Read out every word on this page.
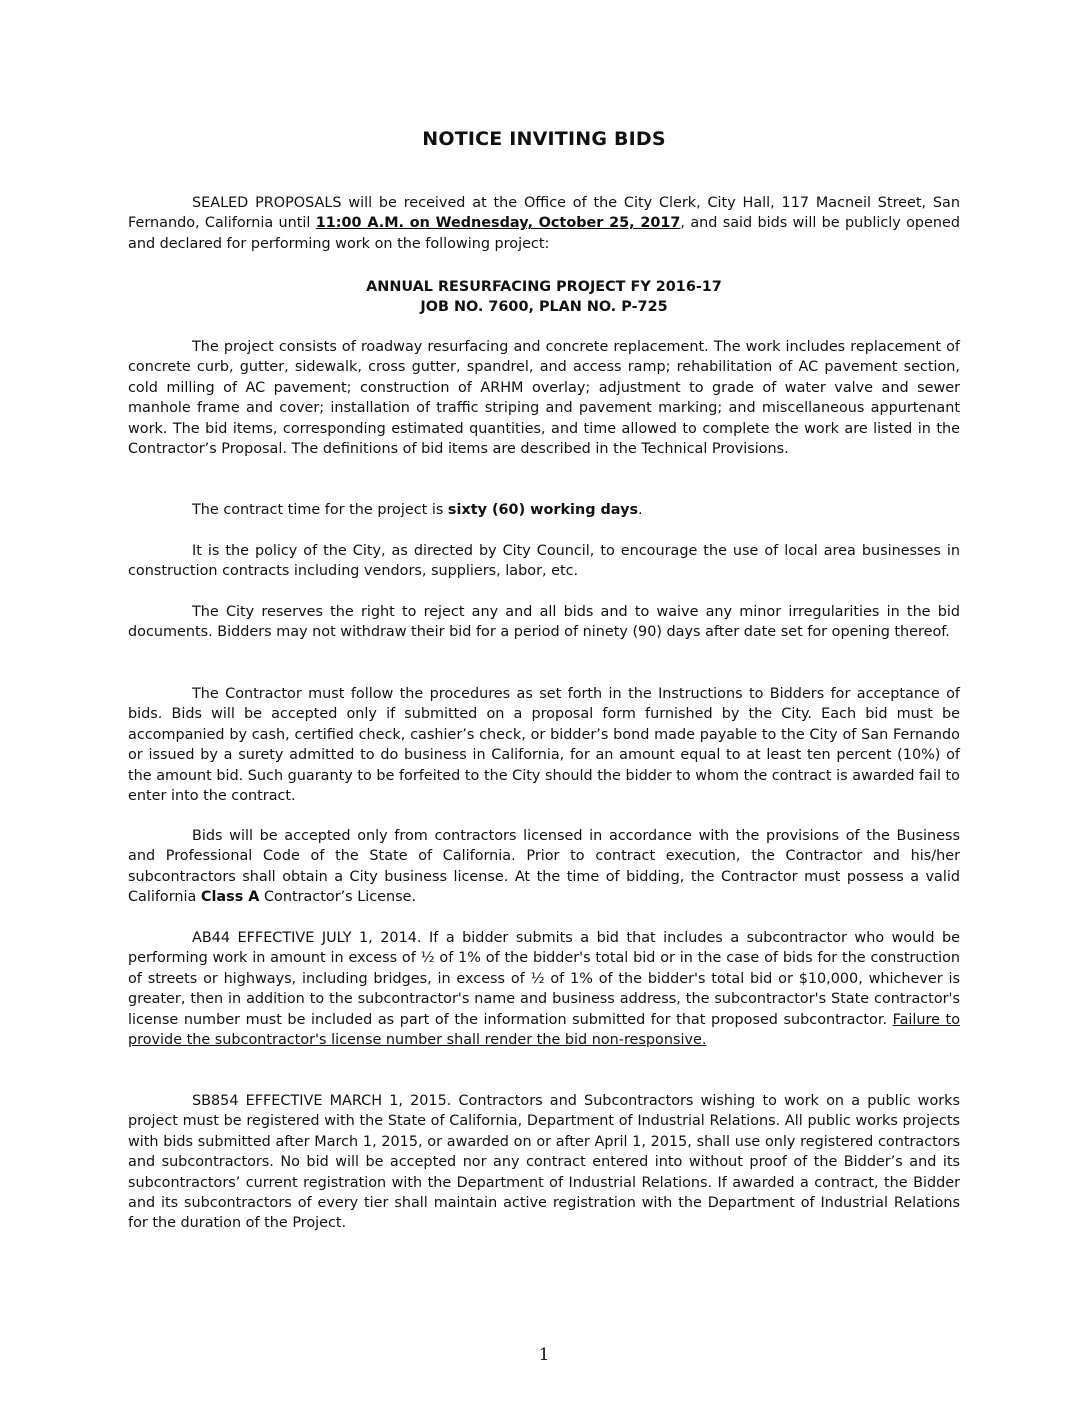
NOTICE INVITING BIDS

SEALED PROPOSALS will be received at the Office of the City Clerk, City Hall, 117 Macneil Street, San Fernando, California until 11:00 A.M. on Wednesday, October 25, 2017, and said bids will be publicly opened and declared for performing work on the following project:

ANNUAL RESURFACING PROJECT FY 2016-17
JOB NO. 7600, PLAN NO. P-725

The project consists of roadway resurfacing and concrete replacement. The work includes replacement of concrete curb, gutter, sidewalk, cross gutter, spandrel, and access ramp; rehabilitation of AC pavement section, cold milling of AC pavement; construction of ARHM overlay; adjustment to grade of water valve and sewer manhole frame and cover; installation of traffic striping and pavement marking; and miscellaneous appurtenant work. The bid items, corresponding estimated quantities, and time allowed to complete the work are listed in the Contractor’s Proposal. The definitions of bid items are described in the Technical Provisions.

The contract time for the project is sixty (60) working days.

It is the policy of the City, as directed by City Council, to encourage the use of local area businesses in construction contracts including vendors, suppliers, labor, etc.

The City reserves the right to reject any and all bids and to waive any minor irregularities in the bid documents. Bidders may not withdraw their bid for a period of ninety (90) days after date set for opening thereof.

The Contractor must follow the procedures as set forth in the Instructions to Bidders for acceptance of bids. Bids will be accepted only if submitted on a proposal form furnished by the City. Each bid must be accompanied by cash, certified check, cashier’s check, or bidder’s bond made payable to the City of San Fernando or issued by a surety admitted to do business in California, for an amount equal to at least ten percent (10%) of the amount bid. Such guaranty to be forfeited to the City should the bidder to whom the contract is awarded fail to enter into the contract.

Bids will be accepted only from contractors licensed in accordance with the provisions of the Business and Professional Code of the State of California. Prior to contract execution, the Contractor and his/her subcontractors shall obtain a City business license. At the time of bidding, the Contractor must possess a valid California Class A Contractor’s License.

AB44 EFFECTIVE JULY 1, 2014. If a bidder submits a bid that includes a subcontractor who would be performing work in amount in excess of ½ of 1% of the bidder's total bid or in the case of bids for the construction of streets or highways, including bridges, in excess of ½ of 1% of the bidder's total bid or $10,000, whichever is greater, then in addition to the subcontractor's name and business address, the subcontractor's State contractor's license number must be included as part of the information submitted for that proposed subcontractor. Failure to provide the subcontractor's license number shall render the bid non-responsive.

SB854 EFFECTIVE MARCH 1, 2015. Contractors and Subcontractors wishing to work on a public works project must be registered with the State of California, Department of Industrial Relations. All public works projects with bids submitted after March 1, 2015, or awarded on or after April 1, 2015, shall use only registered contractors and subcontractors. No bid will be accepted nor any contract entered into without proof of the Bidder’s and its subcontractors’ current registration with the Department of Industrial Relations. If awarded a contract, the Bidder and its subcontractors of every tier shall maintain active registration with the Department of Industrial Relations for the duration of the Project.

1
